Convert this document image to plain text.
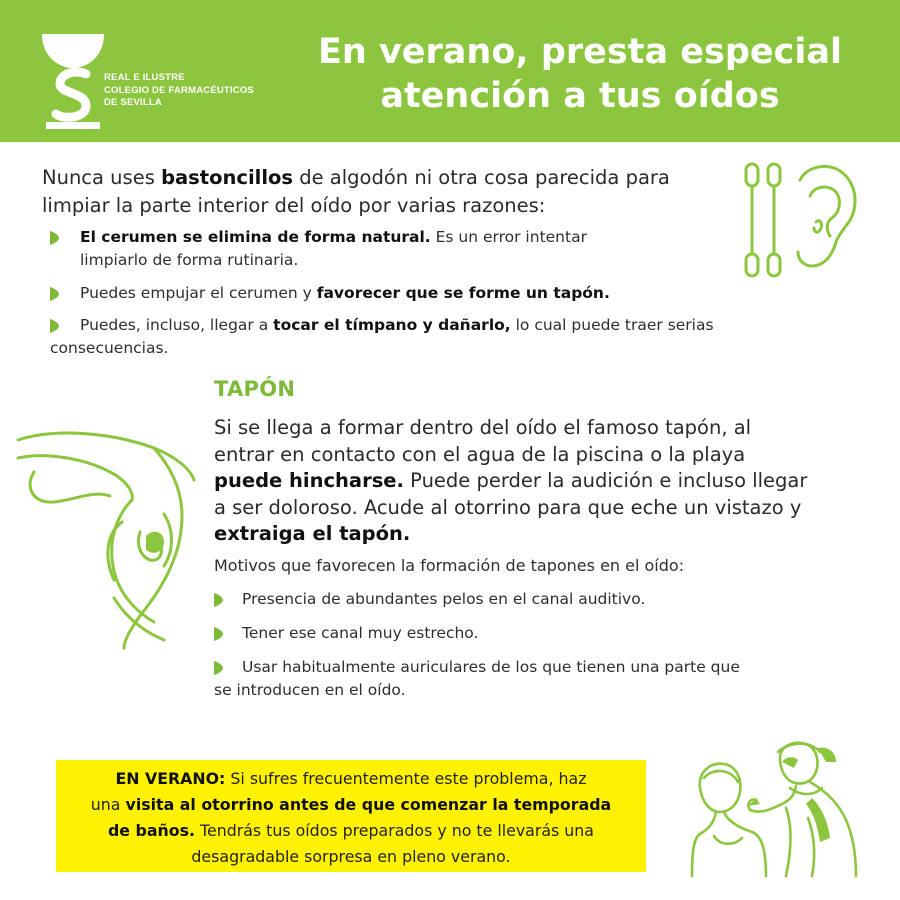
REAL E ILUSTRE
COLEGIO DE FARMACÉUTICOS
DE SEVILLA
En verano, presta especial
atención a tus oídos
Nunca uses bastoncillos de algodón ni otra cosa parecida para
limpiar la parte interior del oído por varias razones:
El cerumen se elimina de forma natural. Es un error intentar
limpiarlo de forma rutinaria.
Puedes empujar el cerumen y favorecer que se forme un tapón.
Puedes, incluso, llegar a tocar el tímpano y dañarlo, lo cual puede traer serias
consecuencias.
TAPÓN
Si se llega a formar dentro del oído el famoso tapón, al
entrar en contacto con el agua de la piscina o la playa
puede hincharse. Puede perder la audición e incluso llegar
a ser doloroso. Acude al otorrino para que eche un vistazo y
extraiga el tapón.
Motivos que favorecen la formación de tapones en el oído:
Presencia de abundantes pelos en el canal auditivo.
Tener ese canal muy estrecho.
Usar habitualmente auriculares de los que tienen una parte que
se introducen en el oído.
EN VERANO: Si sufres frecuentemente este problema, haz
una visita al otorrino antes de que comenzar la temporada
de baños. Tendrás tus oídos preparados y no te llevarás una
desagradable sorpresa en pleno verano.
